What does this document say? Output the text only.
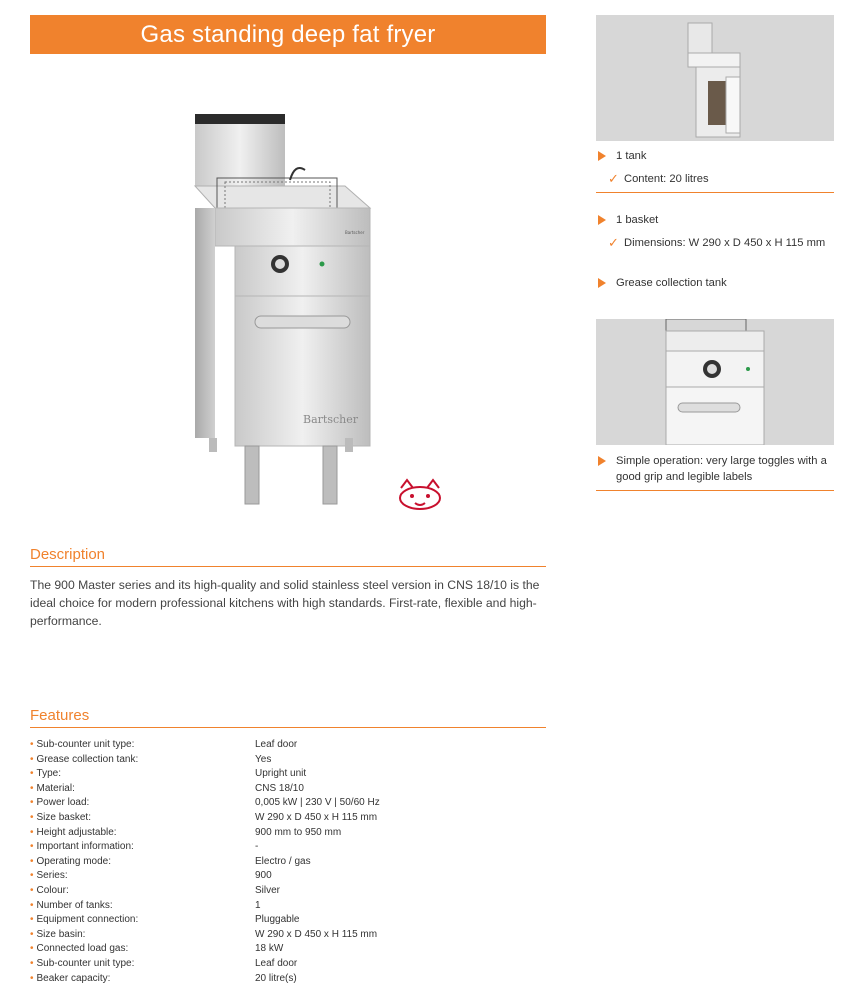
Gas standing deep fat fryer
Bartscher
Bartscher
Description
The 900 Master series and its high-quality and solid stainless steel version in CNS 18/10 is the ideal choice for modern professional kitchens with high standards. First-rate, flexible and high-performance.
Features
• Sub-counter unit type:	Leaf door
• Grease collection tank:	Yes
• Type:	Upright unit
• Material:	CNS 18/10
• Power load:	0,005 kW | 230 V | 50/60 Hz
• Size basket:	W 290 x D 450 x H 115 mm
• Height adjustable:	900 mm to 950 mm
• Important information:	-
• Operating mode:	Electro / gas
• Series:	900
• Colour:	Silver
• Number of tanks:	1
• Equipment connection:	Pluggable
• Size basin:	W 290 x D 450 x H 115 mm
• Connected load gas:	18 kW
• Sub-counter unit type:	Leaf door
• Beaker capacity:	20 litre(s)
1 tank
✓ Content: 20 litres
1 basket
✓ Dimensions: W 290 x D 450 x H 115 mm
Grease collection tank
Simple operation: very large toggles with a good grip and legible labels
